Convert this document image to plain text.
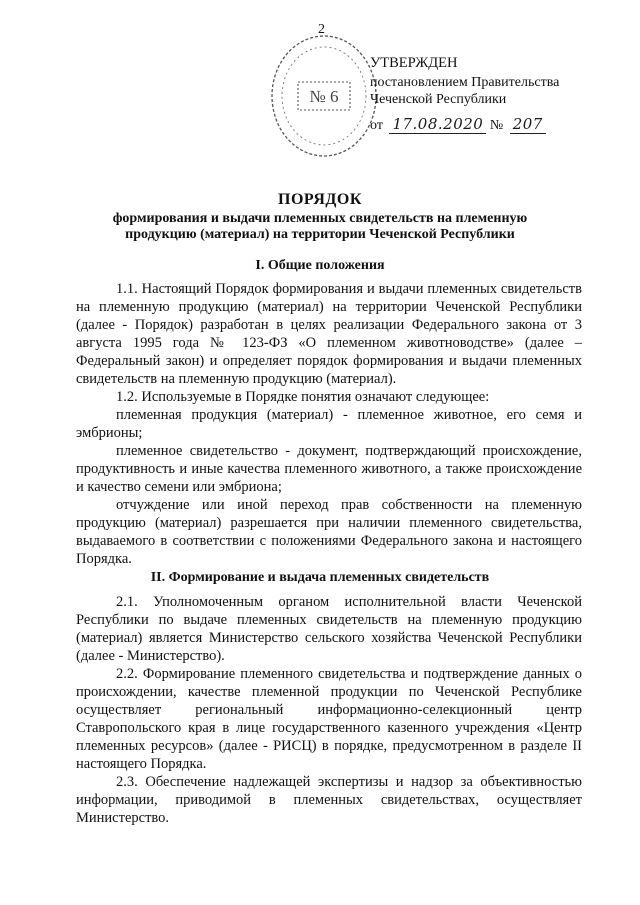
2
№ 6
УТВЕРЖДЕН
постановлением Правительства
Чеченской Республики
от 17.08.2020 № 207
ПОРЯДОК
формирования и выдачи племенных свидетельств на племенную продукцию (материал) на территории Чеченской Республики
I. Общие положения

1.1. Настоящий Порядок формирования и выдачи племенных свидетельств на племенную продукцию (материал) на территории Чеченской Республики (далее - Порядок) разработан в целях реализации Федерального закона от 3 августа 1995 года № 123-ФЗ «О племенном животноводстве» (далее – Федеральный закон) и определяет порядок формирования и выдачи племенных свидетельств на племенную продукцию (материал).

1.2. Используемые в Порядке понятия означают следующее:

племенная продукция (материал) - племенное животное, его семя и эмбрионы;

племенное свидетельство - документ, подтверждающий происхождение, продуктивность и иные качества племенного животного, а также происхождение и качество семени или эмбриона;

отчуждение или иной переход прав собственности на племенную продукцию (материал) разрешается при наличии племенного свидетельства, выдаваемого в соответствии с положениями Федерального закона и настоящего Порядка.

II. Формирование и выдача племенных свидетельств

2.1. Уполномоченным органом исполнительной власти Чеченской Республики по выдаче племенных свидетельств на племенную продукцию (материал) является Министерство сельского хозяйства Чеченской Республики (далее - Министерство).

2.2. Формирование племенного свидетельства и подтверждение данных о происхождении, качестве племенной продукции по Чеченской Республике осуществляет региональный информационно-селекционный центр Ставропольского края в лице государственного казенного учреждения «Центр племенных ресурсов» (далее - РИСЦ) в порядке, предусмотренном в разделе II настоящего Порядка.

2.3. Обеспечение надлежащей экспертизы и надзор за объективностью информации, приводимой в племенных свидетельствах, осуществляет Министерство.
